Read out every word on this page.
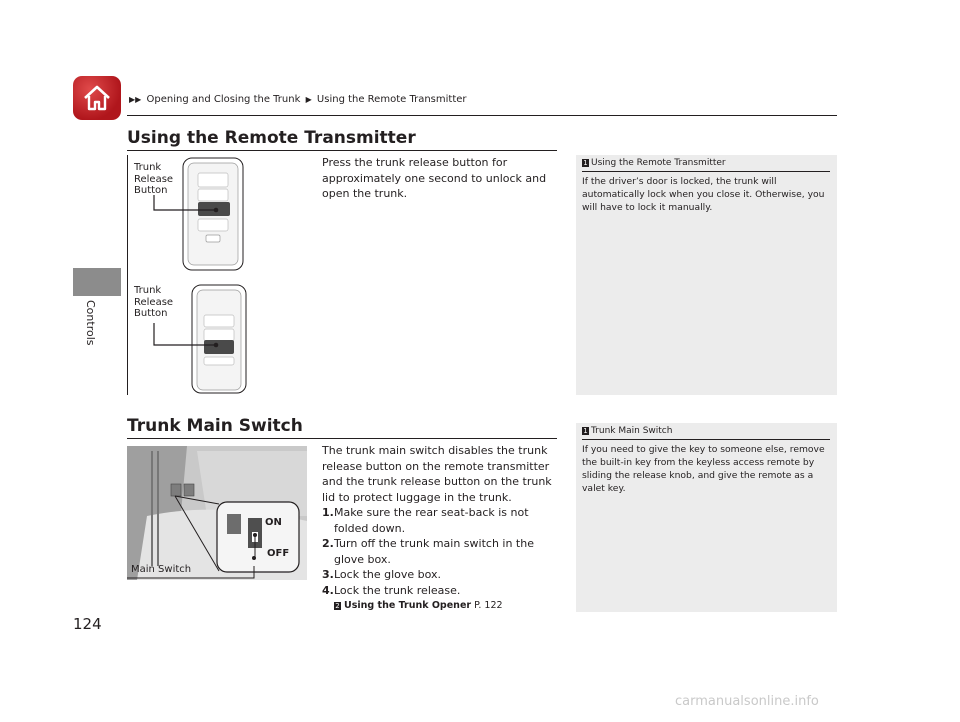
▶▶ Opening and Closing the Trunk ▶ Using the Remote Transmitter
Controls
Using the Remote Transmitter
Trunk Release Button
Trunk Release Button
Press the trunk release button for approximately one second to unlock and open the trunk.
1 Using the Remote Transmitter
If the driver’s door is locked, the trunk will automatically lock when you close it. Otherwise, you will have to lock it manually.
Trunk Main Switch
ON
OFF
Main Switch
The trunk main switch disables the trunk release button on the remote transmitter and the trunk release button on the trunk lid to protect luggage in the trunk.
1. Make sure the rear seat-back is not folded down.
2. Turn off the trunk main switch in the glove box.
3. Lock the glove box.
4. Lock the trunk release.
2 Using the Trunk Opener P. 122
1 Trunk Main Switch
If you need to give the key to someone else, remove the built-in key from the keyless access remote by sliding the release knob, and give the remote as a valet key.
124
carmanualsonline.info
